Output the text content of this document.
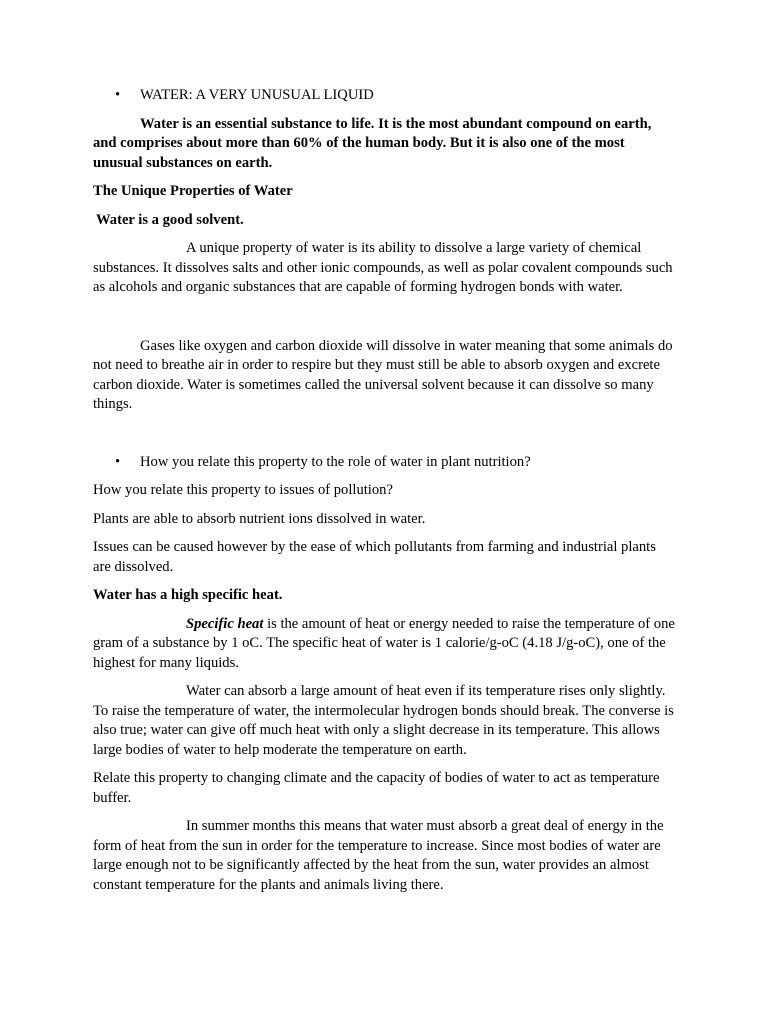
• WATER: A VERY UNUSUAL LIQUID

Water is an essential substance to life. It is the most abundant compound on earth, and comprises about more than 60% of the human body. But it is also one of the most unusual substances on earth.

The Unique Properties of Water

Water is a good solvent.

A unique property of water is its ability to dissolve a large variety of chemical substances. It dissolves salts and other ionic compounds, as well as polar covalent compounds such as alcohols and organic substances that are capable of forming hydrogen bonds with water.

Gases like oxygen and carbon dioxide will dissolve in water meaning that some animals do not need to breathe air in order to respire but they must still be able to absorb oxygen and excrete carbon dioxide. Water is sometimes called the universal solvent because it can dissolve so many things.

• How you relate this property to the role of water in plant nutrition?

How you relate this property to issues of pollution?

Plants are able to absorb nutrient ions dissolved in water.

Issues can be caused however by the ease of which pollutants from farming and industrial plants are dissolved.

Water has a high specific heat.

Specific heat is the amount of heat or energy needed to raise the temperature of one gram of a substance by 1 oC. The specific heat of water is 1 calorie/g-oC (4.18 J/g-oC), one of the highest for many liquids.

Water can absorb a large amount of heat even if its temperature rises only slightly. To raise the temperature of water, the intermolecular hydrogen bonds should break. The converse is also true; water can give off much heat with only a slight decrease in its temperature. This allows large bodies of water to help moderate the temperature on earth.

Relate this property to changing climate and the capacity of bodies of water to act as temperature buffer.

In summer months this means that water must absorb a great deal of energy in the form of heat from the sun in order for the temperature to increase. Since most bodies of water are large enough not to be significantly affected by the heat from the sun, water provides an almost constant temperature for the plants and animals living there.
